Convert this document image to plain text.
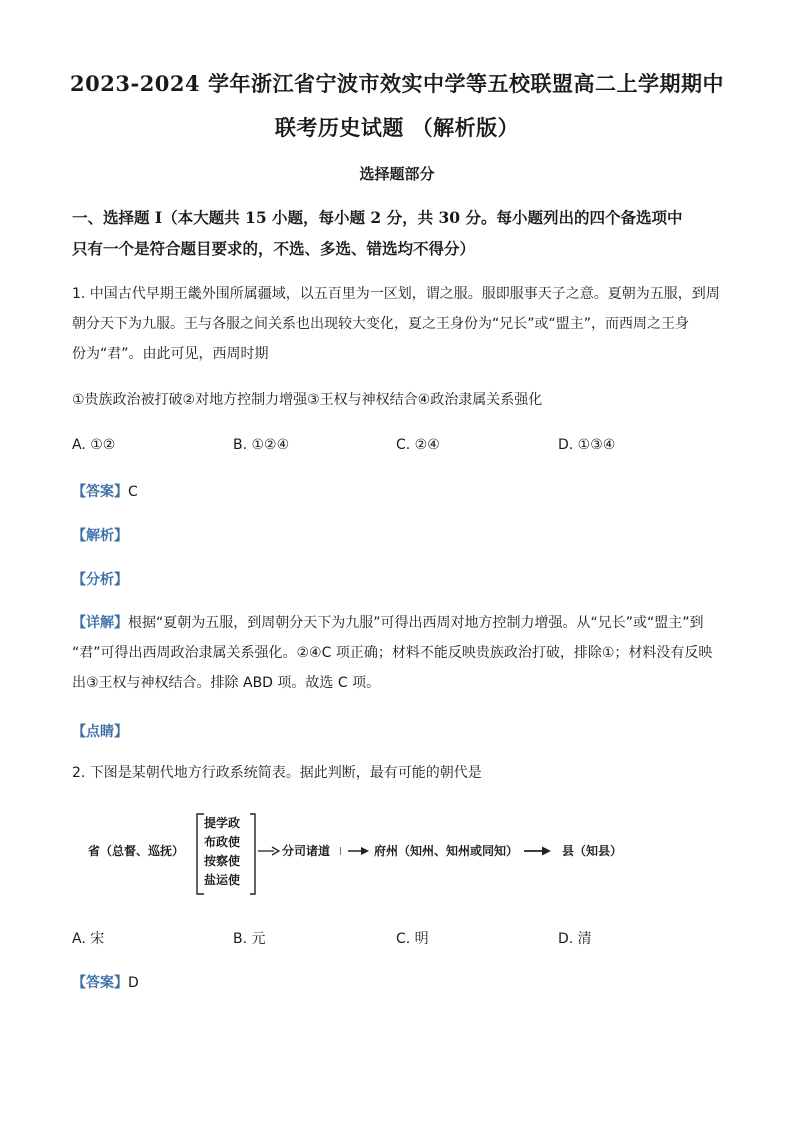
2023-2024 学年浙江省宁波市效实中学等五校联盟高二上学期期中
联考历史试题 （解析版）
选择题部分
一、选择题 I（本大题共 15 小题，每小题 2 分，共 30 分。每小题列出的四个备选项中
只有一个是符合题目要求的，不选、多选、错选均不得分）
1. 中国古代早期王畿外围所属疆域，以五百里为一区划，谓之服。服即服事天子之意。夏朝为五服，到周
朝分天下为九服。王与各服之间关系也出现较大变化，夏之王身份为“兄长”或“盟主”，而西周之王身
份为“君”。由此可见，西周时期
①贵族政治被打破②对地方控制力增强③王权与神权结合④政治隶属关系强化
A. ①②	B. ①②④	C. ②④	D. ①③④
【答案】C
【解析】
【分析】
【详解】根据“夏朝为五服，到周朝分天下为九服”可得出西周对地方控制力增强。从“兄长”或“盟主”到
“君”可得出西周政治隶属关系强化。②④C 项正确；材料不能反映贵族政治打破，排除①；材料没有反映
出③王权与神权结合。排除 ABD 项。故选 C 项。
【点睛】
2. 下图是某朝代地方行政系统简表。据此判断，最有可能的朝代是
省（总督、巡抚）
提学政
布政使
按察使
盐运使
分司诸道	府州（知州、知州或同知）	县（知县）
A. 宋	B. 元	C. 明	D. 清
【答案】D
